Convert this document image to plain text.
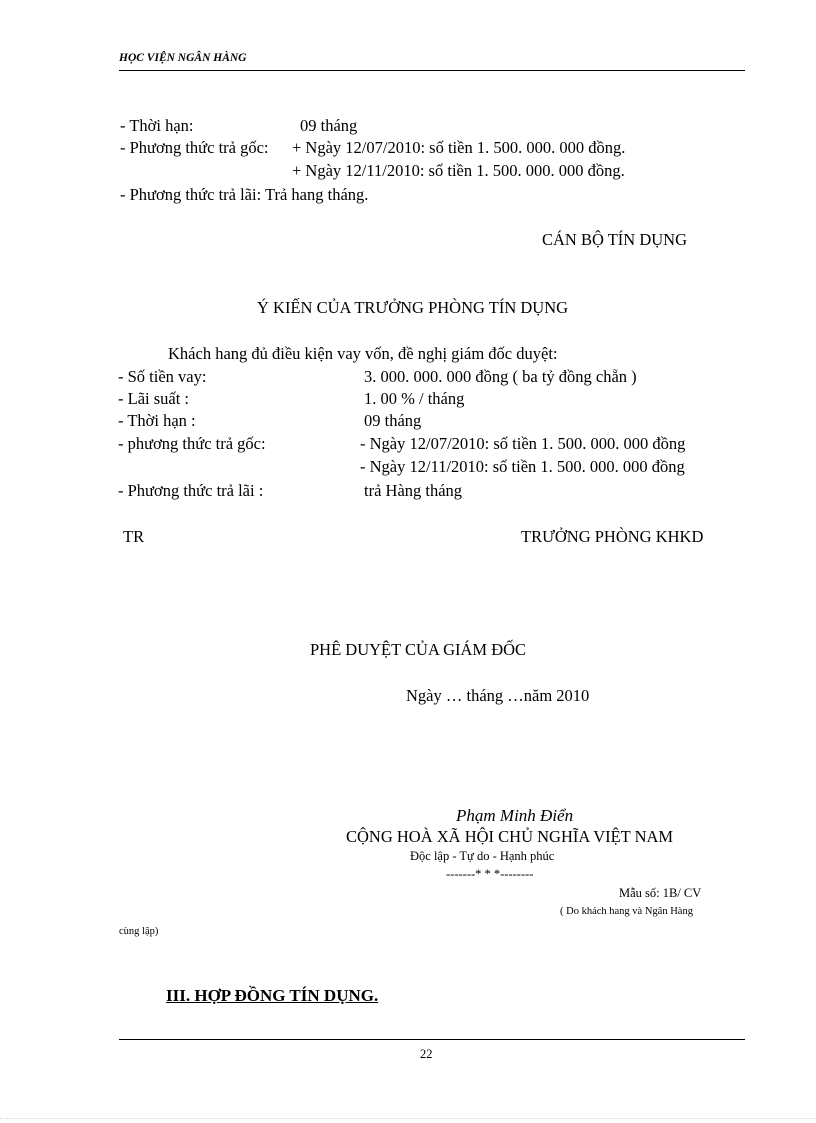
HỌC VIỆN NGÂN HÀNG
- Thời hạn:	09 tháng
- Phương thức trả gốc: + Ngày 12/07/2010: số tiền 1. 500. 000. 000 đồng.
+ Ngày 12/11/2010: số tiền 1. 500. 000. 000 đồng.
- Phương thức trả lãi: Trả hang tháng.
CÁN BỘ TÍN DỤNG
Ý KIẾN CỦA TRƯỞNG PHÒNG TÍN DỤNG
Khách hang đủ điều kiện vay vốn, đề nghị giám đốc duyệt:
- Số tiền vay:	3. 000. 000. 000 đồng ( ba tỷ đồng chẵn )
- Lãi suất :	1. 00 % / tháng
- Thời hạn :	09 tháng
- phương thức trả gốc:	- Ngày 12/07/2010: số tiền 1. 500. 000. 000 đồng
- Ngày 12/11/2010: số tiền 1. 500. 000. 000 đồng
- Phương thức trả lãi :	trả Hàng tháng
TR	TRƯỞNG PHÒNG KHKD
PHÊ DUYỆT CỦA GIÁM ĐỐC
Ngày … tháng …năm 2010
Phạm Minh Điển
CỘNG HOÀ XÃ HỘI CHỦ NGHĨA VIỆT NAM
Độc lập - Tự do - Hạnh phúc
-------* * *--------
Mẫu số: 1B/ CV
( Do khách hang và Ngân Hàng
cùng lập)
III. HỢP ĐỒNG TÍN DỤNG.
22
